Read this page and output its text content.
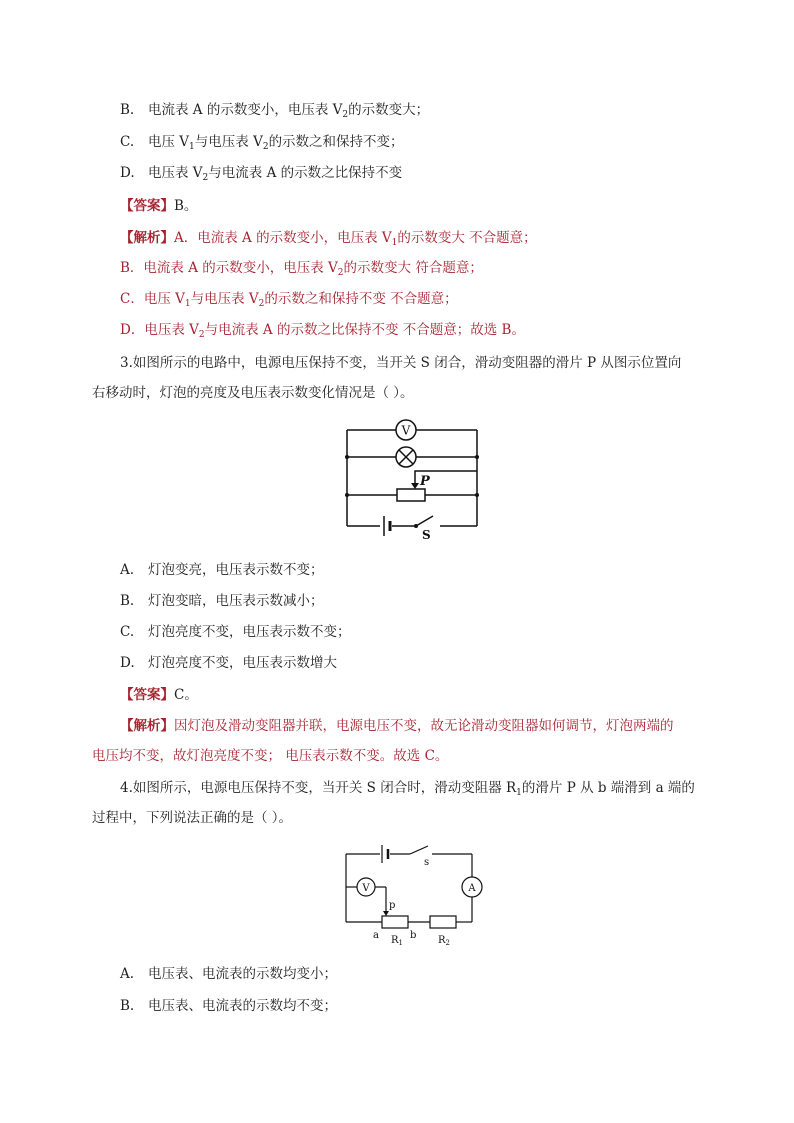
B. 电流表 A 的示数变小，电压表 $V_2$的示数变大；
C. 电压 $V_1$与电压表 $V_2$的示数之和保持不变；
D. 电压表 $V_2$与电流表 A 的示数之比保持不变
【答案】B。
【解析】A．电流表 A 的示数变小，电压表 $V_1$的示数变大 不合题意；
B．电流表 A 的示数变小，电压表 $V_2$的示数变大 符合题意；
C．电压 $V_1$与电压表 $V_2$的示数之和保持不变 不合题意；
D．电压表 $V_2$与电流表 A 的示数之比保持不变 不合题意；故选 B。
3.如图所示的电路中，电源电压保持不变，当开关 S 闭合，滑动变阻器的滑片 P 从图示位置向
右移动时，灯泡的亮度及电压表示数变化情况是（ ）。
V
P
S
A. 灯泡变亮，电压表示数不变；
B. 灯泡变暗，电压表示数减小；
C. 灯泡亮度不变，电压表示数不变；
D. 灯泡亮度不变，电压表示数增大
【答案】C。
【解析】因灯泡及滑动变阻器并联，电源电压不变，故无论滑动变阻器如何调节，灯泡两端的
电压均不变，故灯泡亮度不变； 电压表示数不变。故选 C。
4.如图所示，电源电压保持不变，当开关 S 闭合时，滑动变阻器 $R_1$的滑片 P 从 b 端滑到 a 端的
过程中，下列说法正确的是（ ）。
V	A
s
p
a	b
$R_1$	$R_2$
A. 电压表、电流表的示数均变小；
B. 电压表、电流表的示数均不变；
